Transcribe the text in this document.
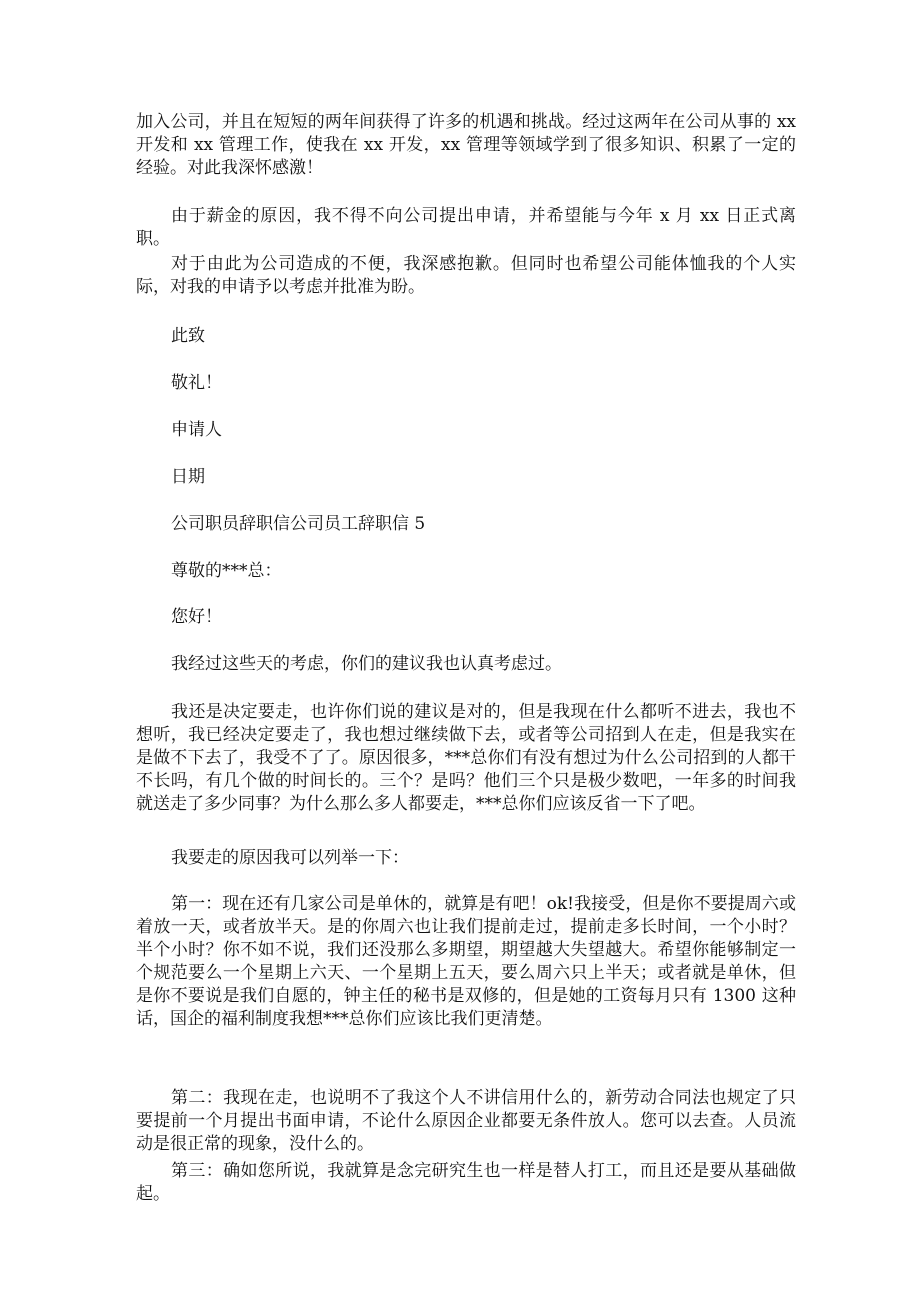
加入公司，并且在短短的两年间获得了许多的机遇和挑战。经过这两年在公司从事的 xx 开发和 xx 管理工作，使我在 xx 开发，xx 管理等领域学到了很多知识、积累了一定的经验。对此我深怀感激！

由于薪金的原因，我不得不向公司提出申请，并希望能与今年 x 月 xx 日正式离职。

对于由此为公司造成的不便，我深感抱歉。但同时也希望公司能体恤我的个人实际，对我的申请予以考虑并批准为盼。

此致

敬礼！

申请人

日期

公司职员辞职信公司员工辞职信 5

尊敬的***总：

您好！

我经过这些天的考虑，你们的建议我也认真考虑过。

我还是决定要走，也许你们说的建议是对的，但是我现在什么都听不进去，我也不想听，我已经决定要走了，我也想过继续做下去，或者等公司招到人在走，但是我实在是做不下去了，我受不了了。原因很多，***总你们有没有想过为什么公司招到的人都干不长吗，有几个做的时间长的。三个？是吗？他们三个只是极少数吧，一年多的时间我就送走了多少同事？为什么那么多人都要走，***总你们应该反省一下了吧。

我要走的原因我可以列举一下：

第一：现在还有几家公司是单休的，就算是有吧！ok!我接受，但是你不要提周六或着放一天，或者放半天。是的你周六也让我们提前走过，提前走多长时间，一个小时？半个小时？你不如不说，我们还没那么多期望，期望越大失望越大。希望你能够制定一个规范要么一个星期上六天、一个星期上五天，要么周六只上半天；或者就是单休，但是你不要说是我们自愿的，钟主任的秘书是双修的，但是她的工资每月只有 1300 这种话，国企的福利制度我想***总你们应该比我们更清楚。

第二：我现在走，也说明不了我这个人不讲信用什么的，新劳动合同法也规定了只要提前一个月提出书面申请，不论什么原因企业都要无条件放人。您可以去查。人员流动是很正常的现象，没什么的。

第三：确如您所说，我就算是念完研究生也一样是替人打工，而且还是要从基础做起。
